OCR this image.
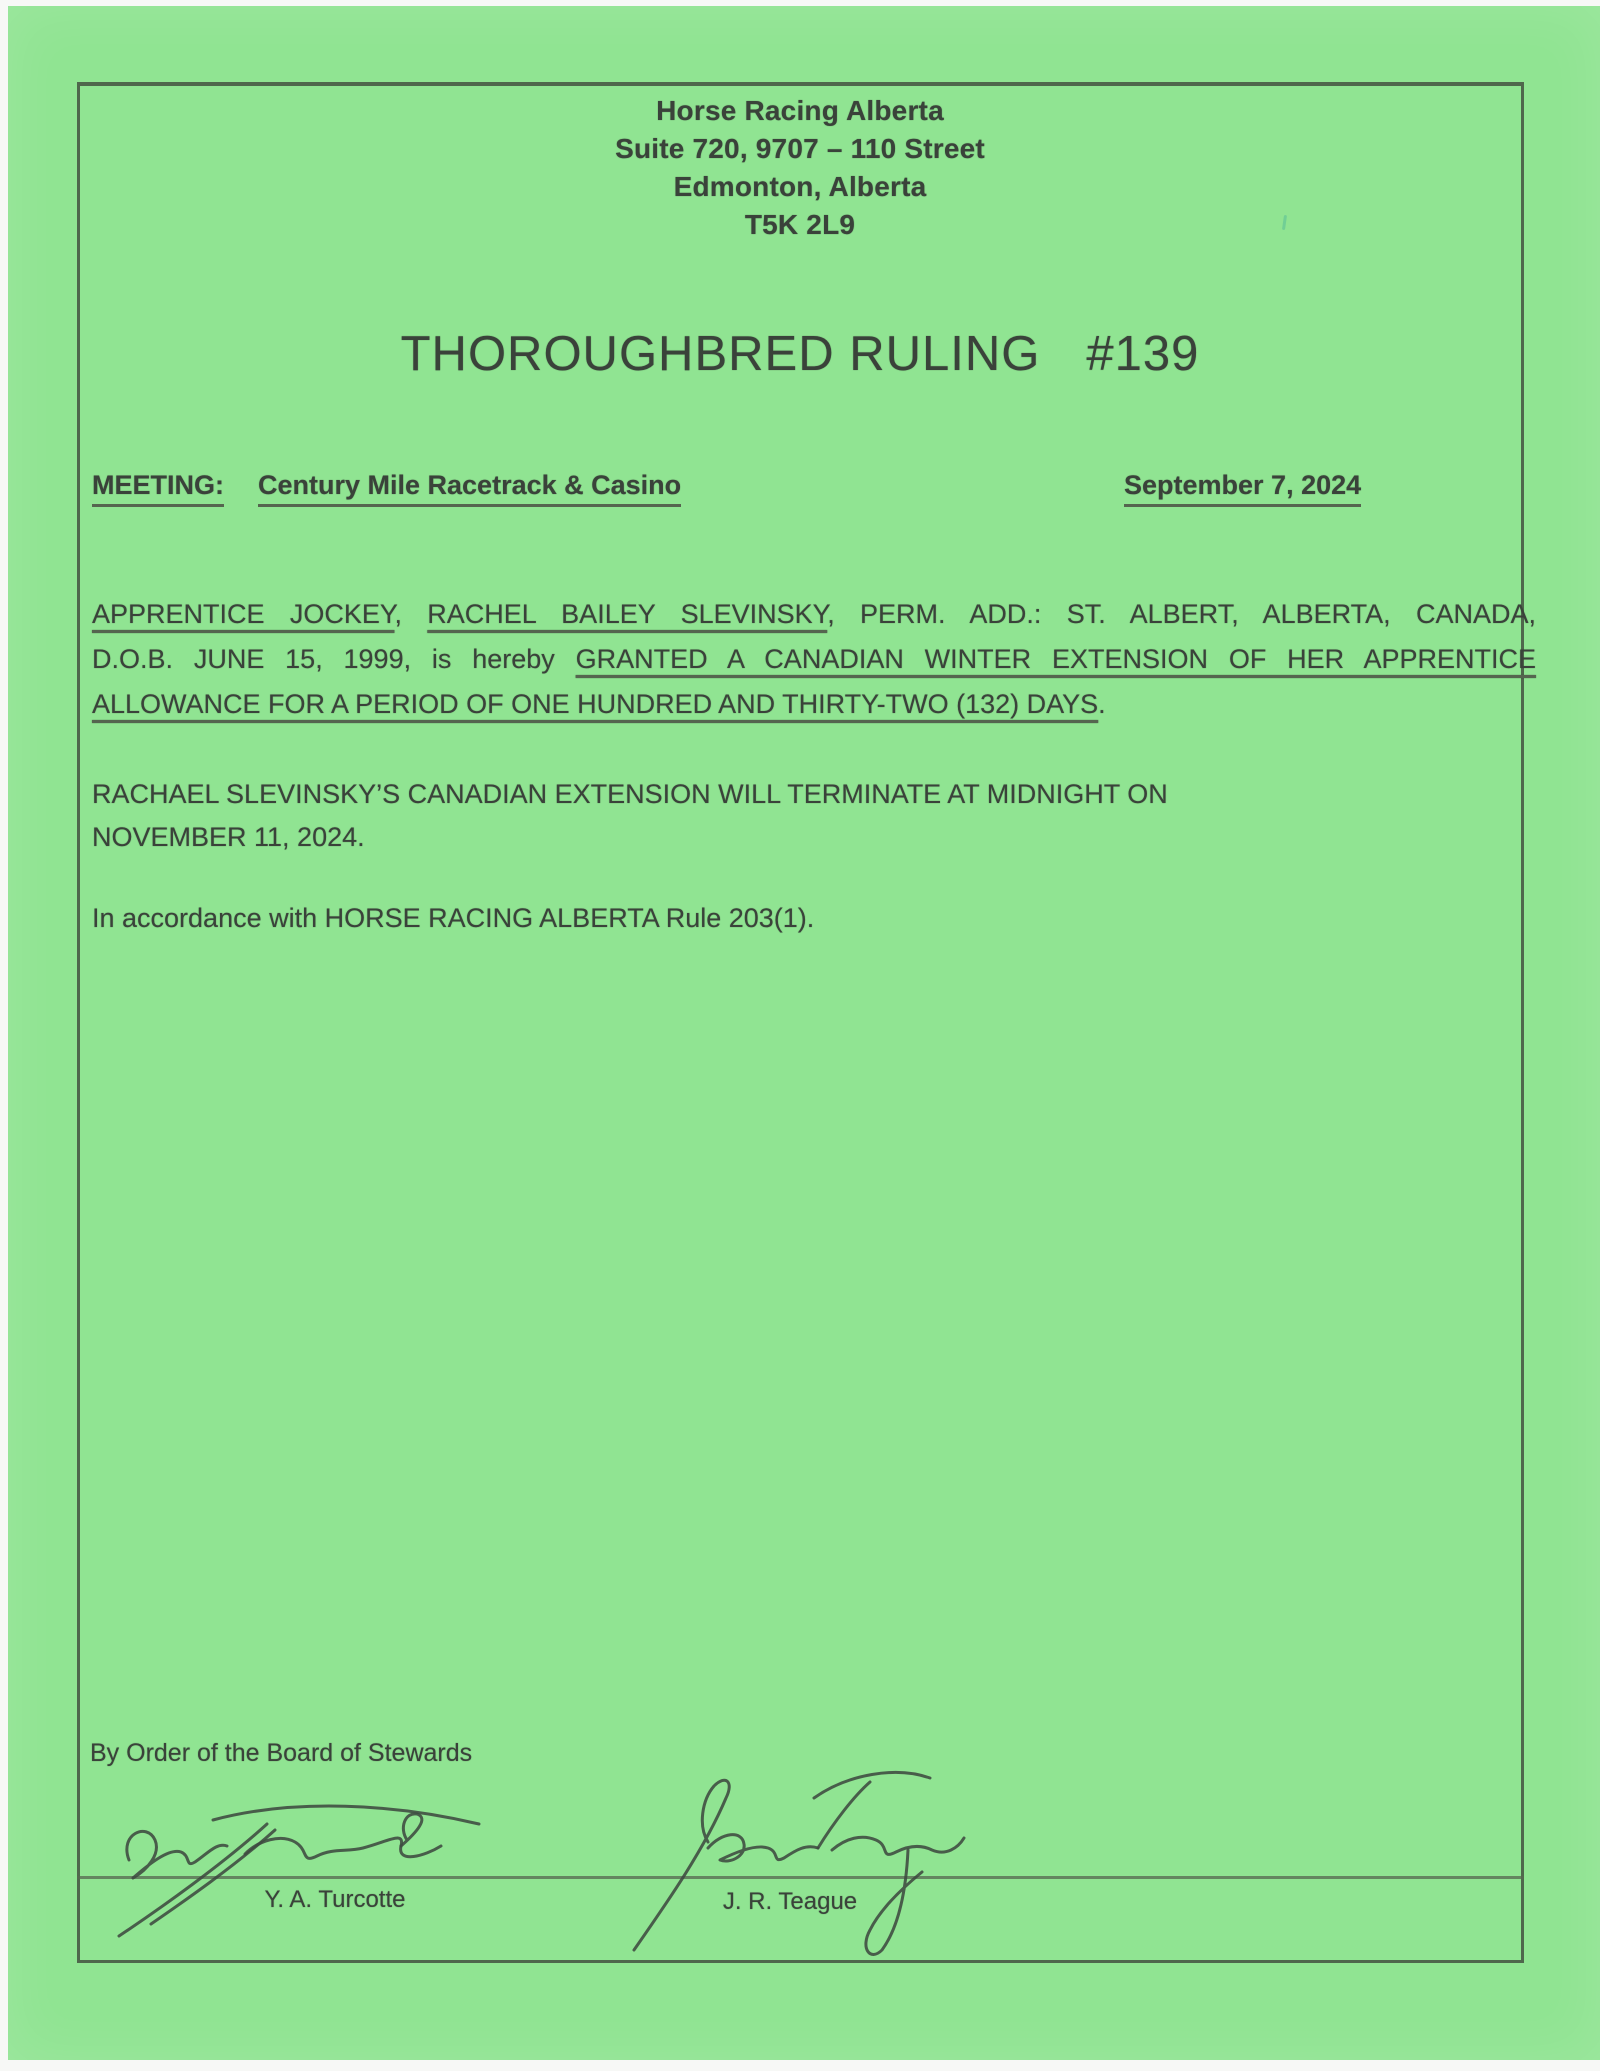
Horse Racing Alberta
Suite 720, 9707 – 110 Street
Edmonton, Alberta
T5K 2L9
THOROUGHBRED RULING #139
MEETING: Century Mile Racetrack & Casino	September 7, 2024
APPRENTICE JOCKEY, RACHEL BAILEY SLEVINSKY, PERM. ADD.: ST. ALBERT, ALBERTA, CANADA,
D.O.B. JUNE 15, 1999, is hereby GRANTED A CANADIAN WINTER EXTENSION OF HER APPRENTICE
ALLOWANCE FOR A PERIOD OF ONE HUNDRED AND THIRTY-TWO (132) DAYS.
RACHAEL SLEVINSKY’S CANADIAN EXTENSION WILL TERMINATE AT MIDNIGHT ON
NOVEMBER 11, 2024.
In accordance with HORSE RACING ALBERTA Rule 203(1).
By Order of the Board of Stewards
Y. A. Turcotte	J. R. Teague
